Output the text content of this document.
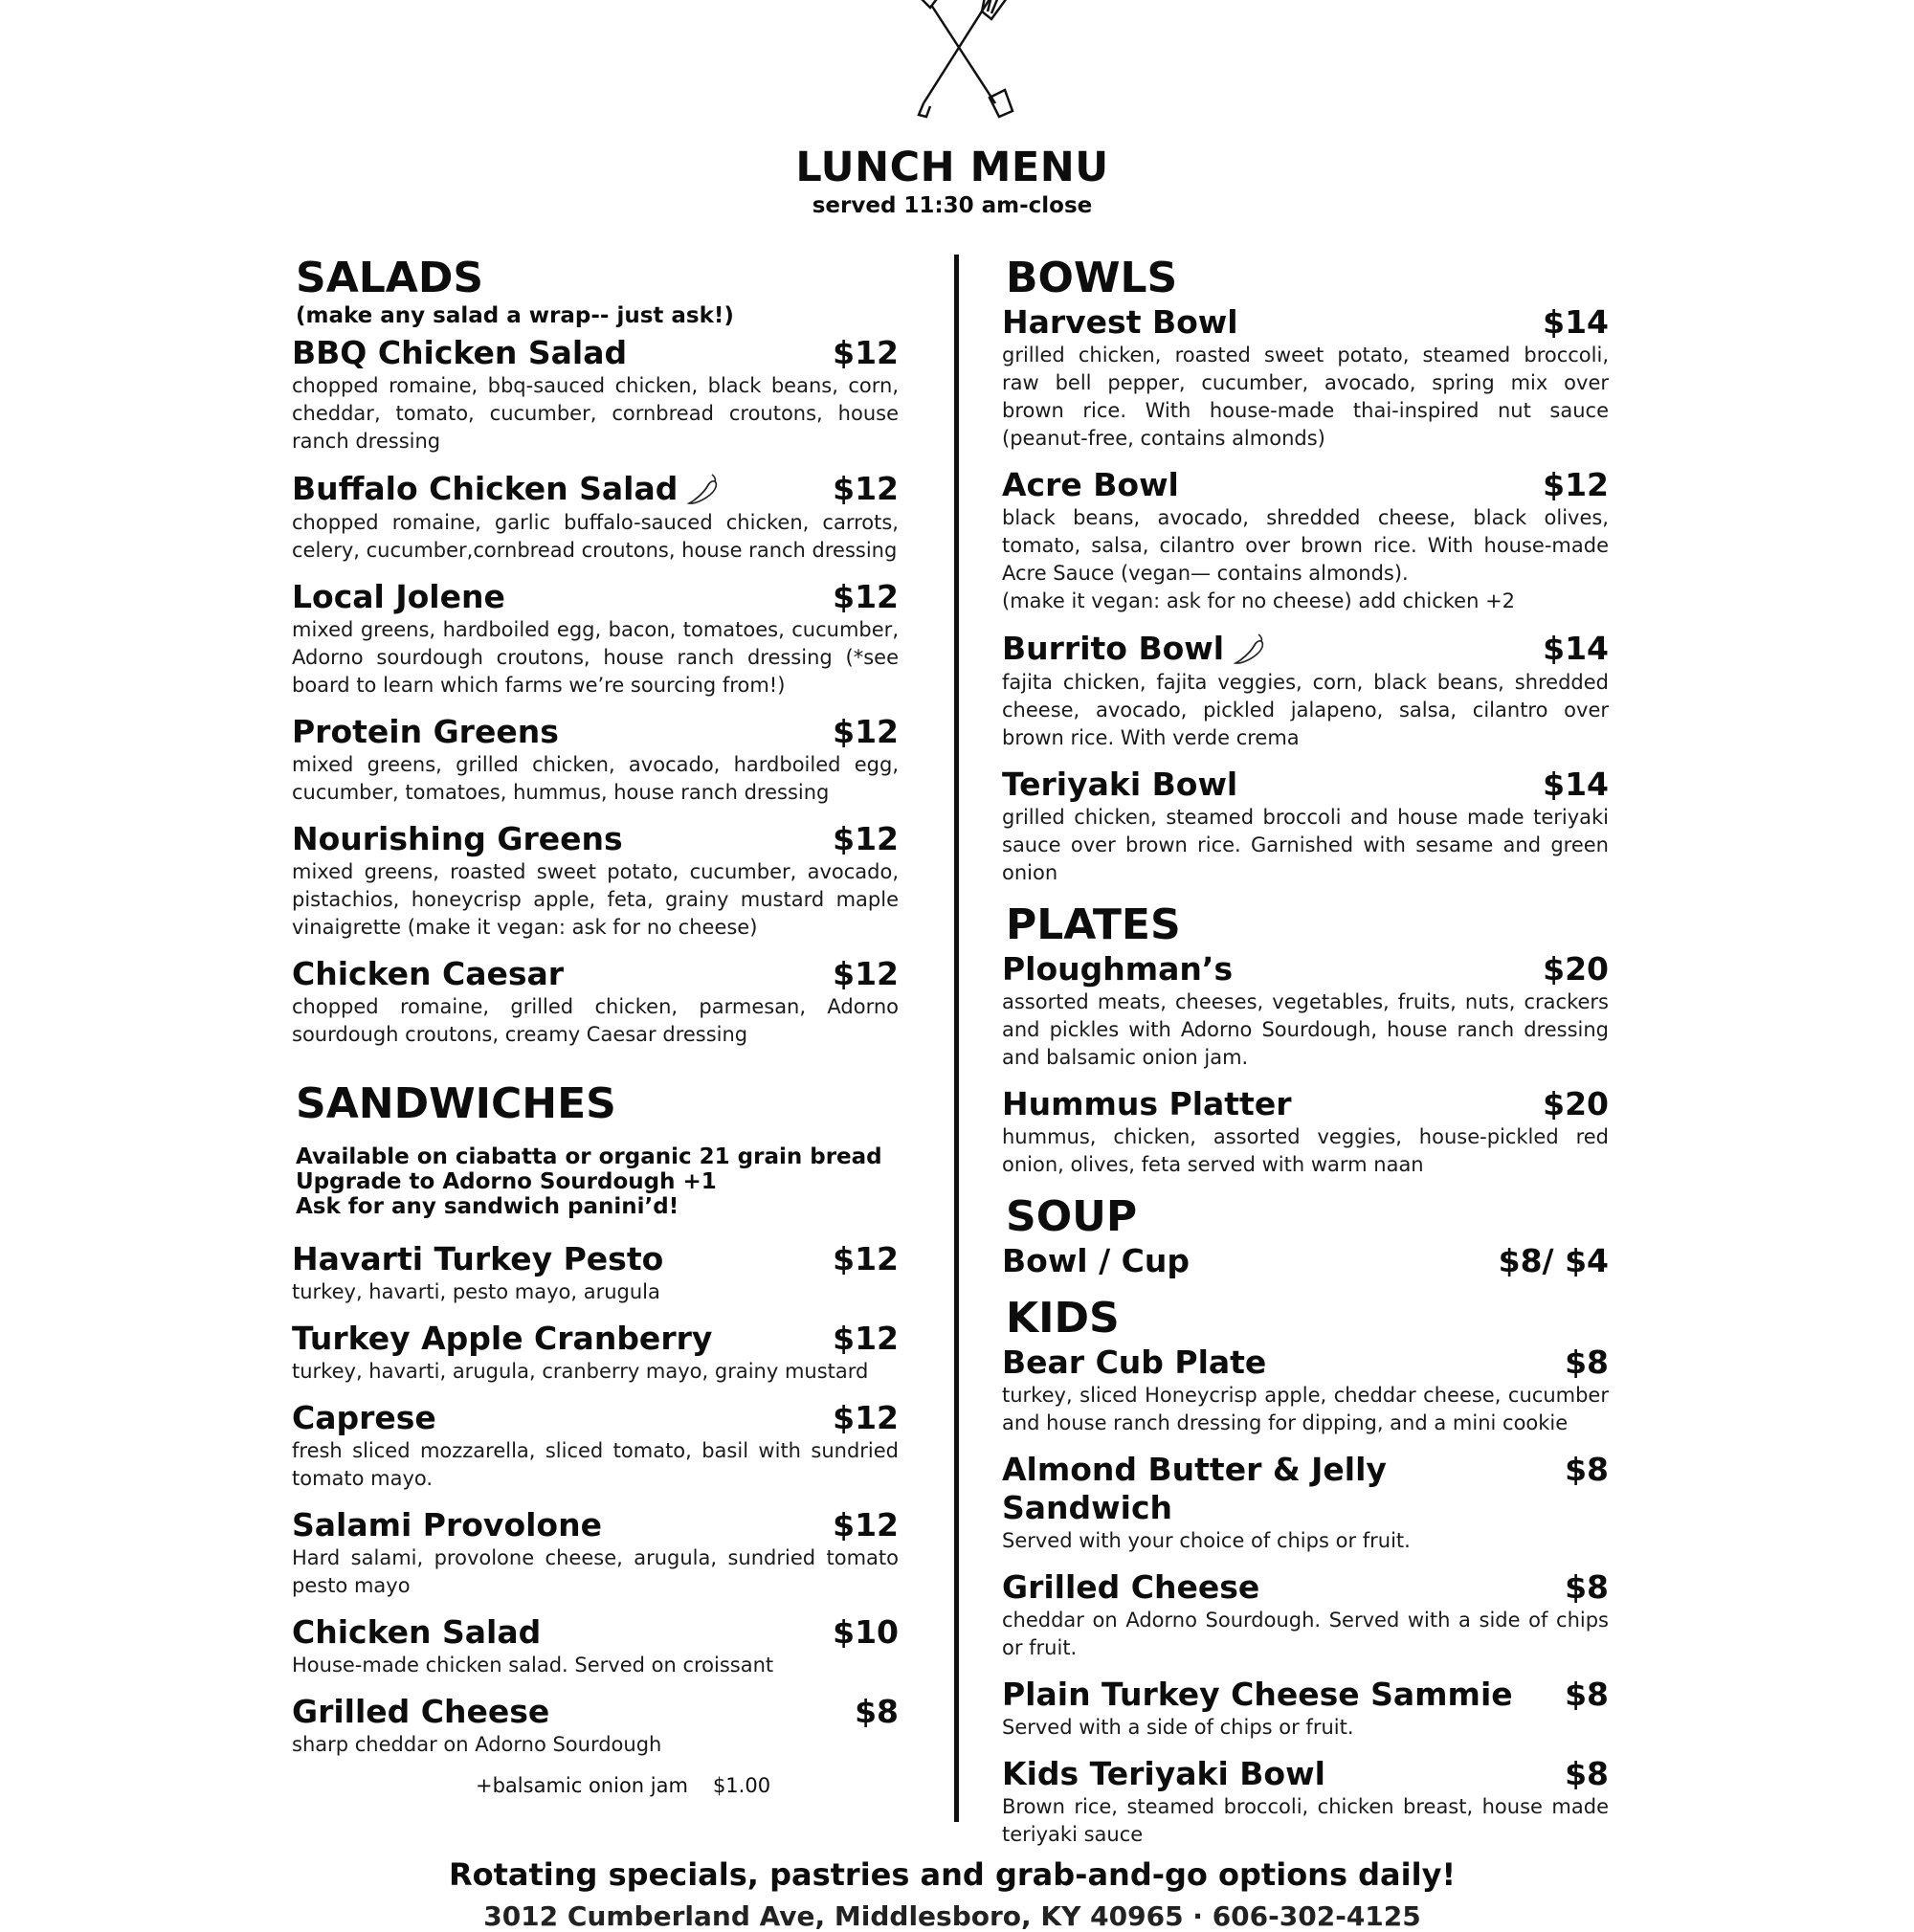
LUNCH MENU
served 11:30 am-close
SALADS
(make any salad a wrap-- just ask!)
BBQ Chicken Salad	$12
chopped romaine, bbq-sauced chicken, black beans, corn, cheddar, tomato, cucumber, cornbread croutons, house ranch dressing
Buffalo Chicken Salad	$12
chopped romaine, garlic buffalo-sauced chicken, carrots, celery, cucumber,cornbread croutons, house ranch dressing
Local Jolene	$12
mixed greens, hardboiled egg, bacon, tomatoes, cucumber, Adorno sourdough croutons, house ranch dressing (*see board to learn which farms we’re sourcing from!)
Protein Greens	$12
mixed greens, grilled chicken, avocado, hardboiled egg, cucumber, tomatoes, hummus, house ranch dressing
Nourishing Greens	$12
mixed greens, roasted sweet potato, cucumber, avocado, pistachios, honeycrisp apple, feta, grainy mustard maple vinaigrette (make it vegan: ask for no cheese)
Chicken Caesar	$12
chopped romaine, grilled chicken, parmesan, Adorno sourdough croutons, creamy Caesar dressing
SANDWICHES
Available on ciabatta or organic 21 grain bread
Upgrade to Adorno Sourdough +1
Ask for any sandwich panini’d!
Havarti Turkey Pesto	$12
turkey, havarti, pesto mayo, arugula
Turkey Apple Cranberry	$12
turkey, havarti, arugula, cranberry mayo, grainy mustard
Caprese	$12
fresh sliced mozzarella, sliced tomato, basil with sundried tomato mayo.
Salami Provolone	$12
Hard salami, provolone cheese, arugula, sundried tomato pesto mayo
Chicken Salad	$10
House-made chicken salad. Served on croissant
Grilled Cheese	$8
sharp cheddar on Adorno Sourdough
+balsamic onion jam $1.00
BOWLS
Harvest Bowl	$14
grilled chicken, roasted sweet potato, steamed broccoli, raw bell pepper, cucumber, avocado, spring mix over brown rice. With house-made thai-inspired nut sauce (peanut-free, contains almonds)
Acre Bowl	$12
black beans, avocado, shredded cheese, black olives, tomato, salsa, cilantro over brown rice. With house-made Acre Sauce (vegan— contains almonds).
(make it vegan: ask for no cheese) add chicken +2
Burrito Bowl	$14
fajita chicken, fajita veggies, corn, black beans, shredded cheese, avocado, pickled jalapeno, salsa, cilantro over brown rice. With verde crema
Teriyaki Bowl	$14
grilled chicken, steamed broccoli and house made teriyaki sauce over brown rice. Garnished with sesame and green onion
PLATES
Ploughman’s	$20
assorted meats, cheeses, vegetables, fruits, nuts, crackers and pickles with Adorno Sourdough, house ranch dressing and balsamic onion jam.
Hummus Platter	$20
hummus, chicken, assorted veggies, house-pickled red onion, olives, feta served with warm naan
SOUP
Bowl / Cup	$8/ $4
KIDS
Bear Cub Plate	$8
turkey, sliced Honeycrisp apple, cheddar cheese, cucumber and house ranch dressing for dipping, and a mini cookie
Almond Butter & Jelly Sandwich
$8
Served with your choice of chips or fruit.
Grilled Cheese	$8
cheddar on Adorno Sourdough. Served with a side of chips or fruit.
Plain Turkey Cheese Sammie $8
Served with a side of chips or fruit.
Kids Teriyaki Bowl	$8
Brown rice, steamed broccoli, chicken breast, house made teriyaki sauce
Rotating specials, pastries and grab-and-go options daily!
3012 Cumberland Ave, Middlesboro, KY 40965 · 606-302-4125
